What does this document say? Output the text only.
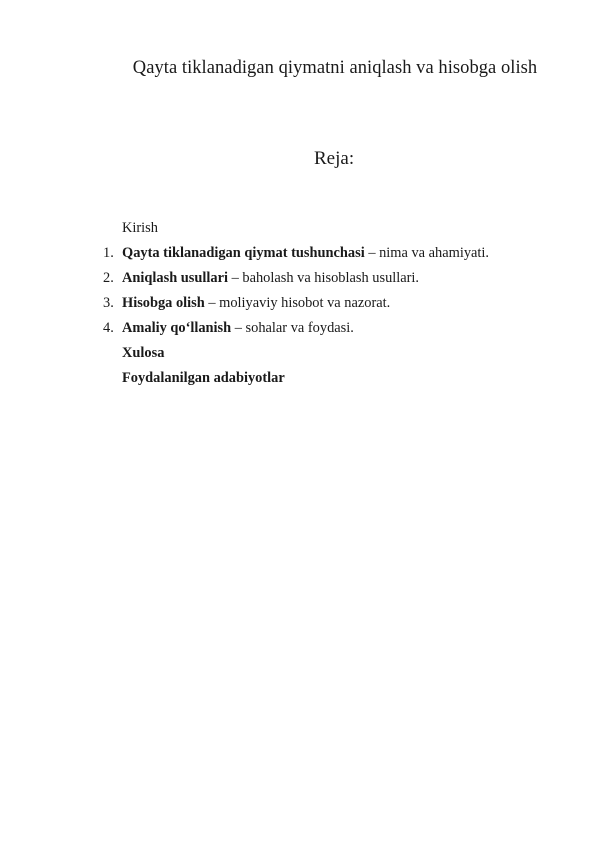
Qayta tiklanadigan qiymatni aniqlash va hisobga olish
Reja:
Kirish
1. Qayta tiklanadigan qiymat tushunchasi – nima va ahamiyati.
2. Aniqlash usullari – baholash va hisoblash usullari.
3. Hisobga olish – moliyaviy hisobot va nazorat.
4. Amaliy qo‘llanish – sohalar va foydasi.
Xulosa
Foydalanilgan adabiyotlar
